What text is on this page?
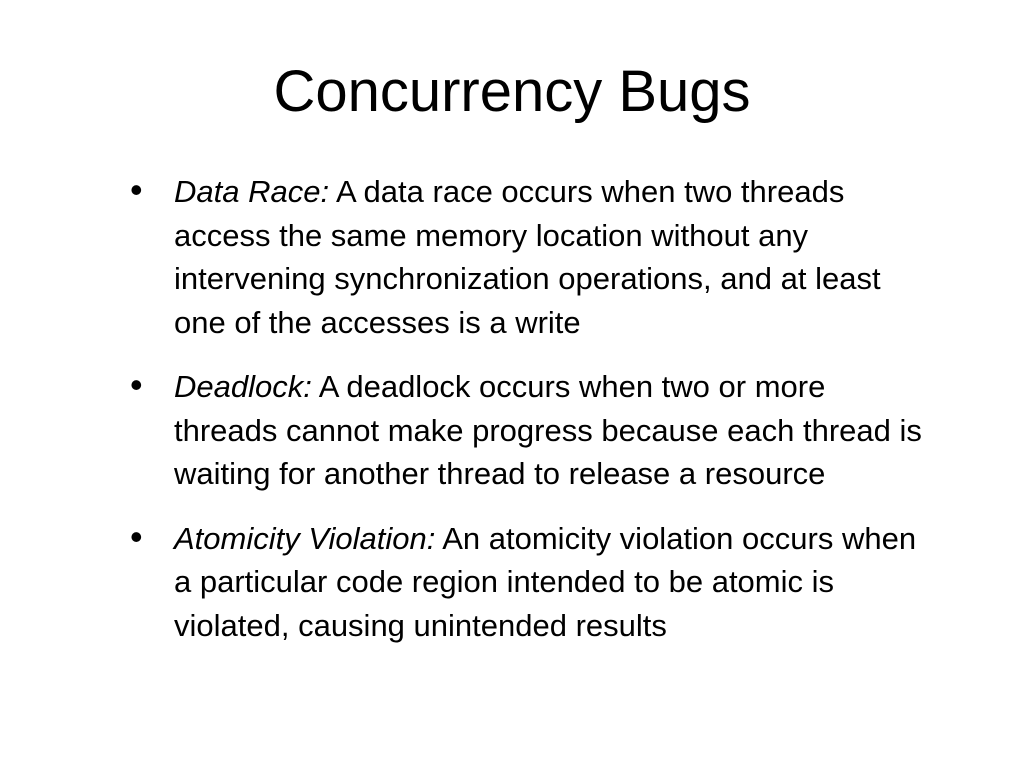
Concurrency Bugs
• Data Race: A data race occurs when two threads access the same memory location without any intervening synchronization operations, and at least one of the accesses is a write
• Deadlock: A deadlock occurs when two or more threads cannot make progress because each thread is waiting for another thread to release a resource
• Atomicity Violation: An atomicity violation occurs when a particular code region intended to be atomic is violated, causing unintended results
